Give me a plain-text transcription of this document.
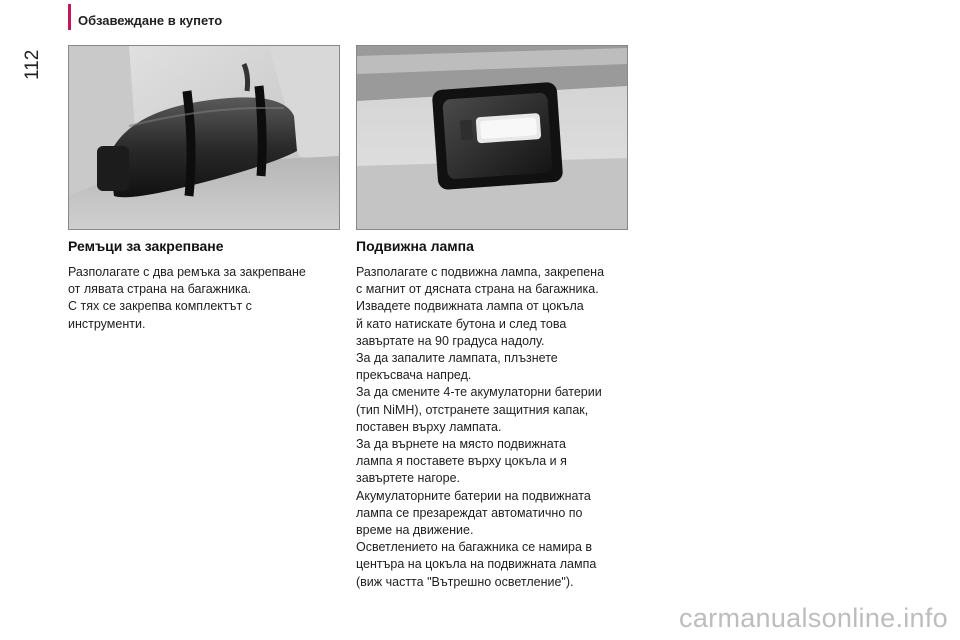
112
Обзавеждане в купето
Ремъци за закрепване

Разполагате с два ремъка за закрепване
от лявата страна на багажника.
С тях се закрепва комплектът с
инструменти.

Подвижна лампа

Разполагате с подвижна лампа, закрепена
с магнит от дясната страна на багажника.
Извадете подвижната лампа от цокъла
й като натискате бутона и след това
завъртате на 90 градуса надолу.
За да запалите лампата, плъзнете
прекъсвача напред.
За да смените 4-те акумулаторни батерии
(тип NiMH), отстранете защитния капак,
поставен върху лампата.
За да върнете на място подвижната
лампа я поставете върху цокъла и я
завъртете нагоре.
Акумулаторните батерии на подвижната
лампа се презареждат автоматично по
време на движение.
Осветлението на багажника се намира в
центъра на цокъла на подвижната лампа
(виж частта "Вътрешно осветление").

carmanualsonline.info
